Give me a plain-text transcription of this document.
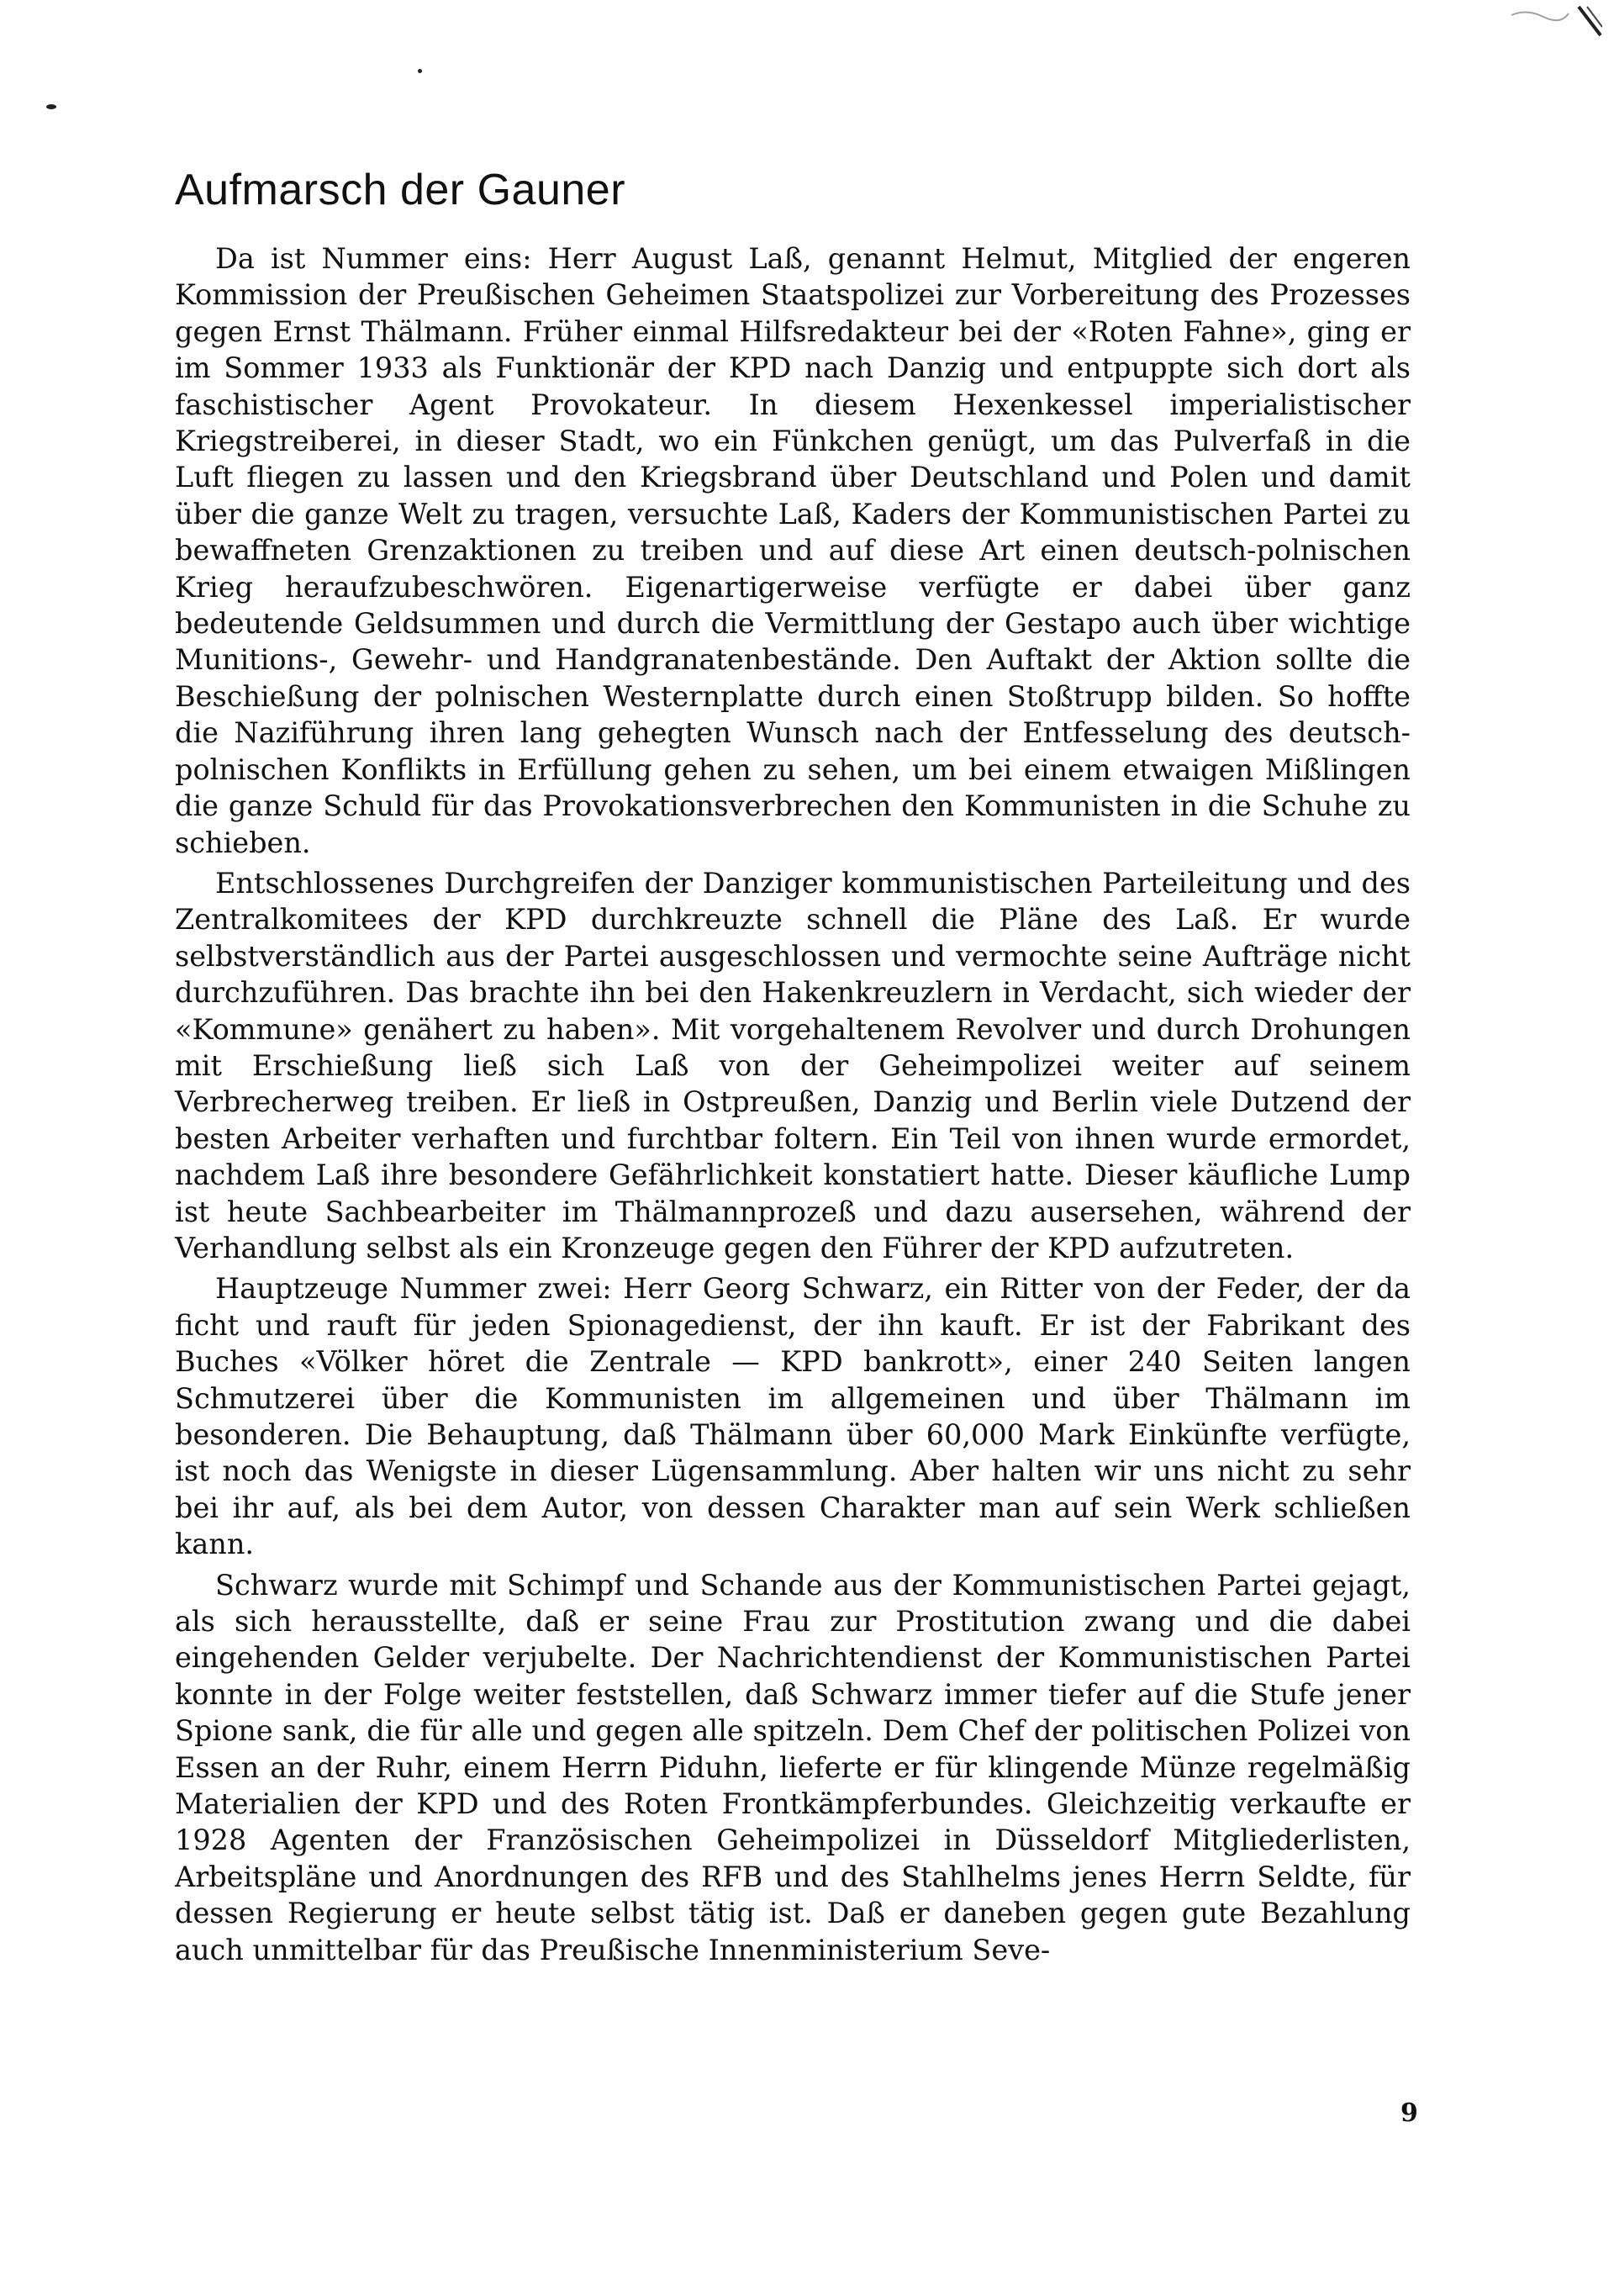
Aufmarsch der Gauner

Da ist Nummer eins: Herr August Laß, genannt Helmut, Mitglied der engeren Kommission der Preußischen Geheimen Staatspolizei zur Vorbereitung des Prozesses gegen Ernst Thälmann. Früher einmal Hilfsredakteur bei der «Roten Fahne», ging er im Sommer 1933 als Funktionär der KPD nach Danzig und entpuppte sich dort als faschistischer Agent Provokateur. In diesem Hexenkessel imperialistischer Kriegstreiberei, in dieser Stadt, wo ein Fünkchen genügt, um das Pulverfaß in die Luft fliegen zu lassen und den Kriegsbrand über Deutschland und Polen und damit über die ganze Welt zu tragen, versuchte Laß, Kaders der Kommunistischen Partei zu bewaffneten Grenzaktionen zu treiben und auf diese Art einen deutsch-polnischen Krieg heraufzubeschwören. Eigenartigerweise verfügte er dabei über ganz bedeutende Geldsummen und durch die Vermittlung der Gestapo auch über wichtige Munitions-, Gewehr- und Handgranatenbestände. Den Auftakt der Aktion sollte die Beschießung der polnischen Westernplatte durch einen Stoßtrupp bilden. So hoffte die Naziführung ihren lang gehegten Wunsch nach der Entfesselung des deutsch-polnischen Konflikts in Erfüllung gehen zu sehen, um bei einem etwaigen Mißlingen die ganze Schuld für das Provokationsverbrechen den Kommunisten in die Schuhe zu schieben.

Entschlossenes Durchgreifen der Danziger kommunistischen Parteileitung und des Zentralkomitees der KPD durchkreuzte schnell die Pläne des Laß. Er wurde selbstverständlich aus der Partei ausgeschlossen und vermochte seine Aufträge nicht durchzuführen. Das brachte ihn bei den Hakenkreuzlern in Verdacht, sich wieder der «Kommune» genähert zu haben». Mit vorgehaltenem Revolver und durch Drohungen mit Erschießung ließ sich Laß von der Geheimpolizei weiter auf seinem Verbrecherweg treiben. Er ließ in Ostpreußen, Danzig und Berlin viele Dutzend der besten Arbeiter verhaften und furchtbar foltern. Ein Teil von ihnen wurde ermordet, nachdem Laß ihre besondere Gefährlichkeit konstatiert hatte. Dieser käufliche Lump ist heute Sachbearbeiter im Thälmannprozeß und dazu ausersehen, während der Verhandlung selbst als ein Kronzeuge gegen den Führer der KPD aufzutreten.

Hauptzeuge Nummer zwei: Herr Georg Schwarz, ein Ritter von der Feder, der da ficht und rauft für jeden Spionagedienst, der ihn kauft. Er ist der Fabrikant des Buches «Völker höret die Zentrale — KPD bankrott», einer 240 Seiten langen Schmutzerei über die Kommunisten im allgemeinen und über Thälmann im besonderen. Die Behauptung, daß Thälmann über 60,000 Mark Einkünfte verfügte, ist noch das Wenigste in dieser Lügensammlung. Aber halten wir uns nicht zu sehr bei ihr auf, als bei dem Autor, von dessen Charakter man auf sein Werk schließen kann.

Schwarz wurde mit Schimpf und Schande aus der Kommunistischen Partei gejagt, als sich herausstellte, daß er seine Frau zur Prostitution zwang und die dabei eingehenden Gelder verjubelte. Der Nachrichtendienst der Kommunistischen Partei konnte in der Folge weiter feststellen, daß Schwarz immer tiefer auf die Stufe jener Spione sank, die für alle und gegen alle spitzeln. Dem Chef der politischen Polizei von Essen an der Ruhr, einem Herrn Piduhn, lieferte er für klingende Münze regelmäßig Materialien der KPD und des Roten Frontkämpferbundes. Gleichzeitig verkaufte er 1928 Agenten der Französischen Geheimpolizei in Düsseldorf Mitgliederlisten, Arbeitspläne und Anordnungen des RFB und des Stahlhelms jenes Herrn Seldte, für dessen Regierung er heute selbst tätig ist. Daß er daneben gegen gute Bezahlung auch unmittelbar für das Preußische Innenministerium Seve-

9
